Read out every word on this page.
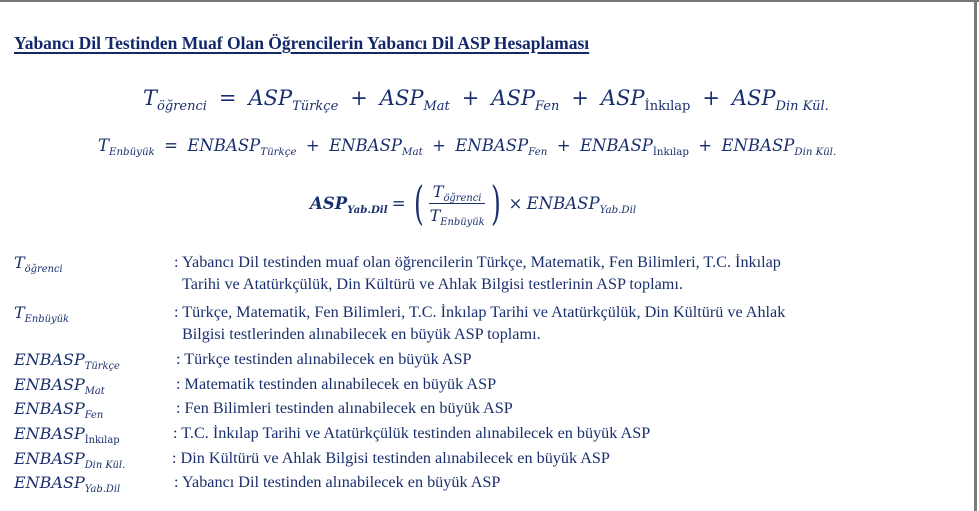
Yabancı Dil Testinden Muaf Olan Öğrencilerin Yabancı Dil ASP Hesaplaması
$T_{öğrenci} = ASP_{Türkçe} + ASP_{Mat} + ASP_{Fen} + ASP_{İnkılap} + ASP_{Din Kül.}$
$T_{Enbüyük}$ = $ENBASP_{Türkçe}$ + $ENBASP_{Mat}$ + $ENBASP_{Fen}$ + $ENBASP_{İnkılap}$ + $ENBASP_{Din Kül.}$
$ASP_{Yab.Dil}$ = ( $\frac{T_{öğrenci}}{T_{Enbüyük}}$ ) × $ENBASP_{Yab.Dil}$
$T_{öğrenci}$	: Yabancı Dil testinden muaf olan öğrencilerin Türkçe, Matematik, Fen Bilimleri, T.C. İnkılap
Tarihi ve Atatürkçülük, Din Kültürü ve Ahlak Bilgisi testlerinin ASP toplamı.
$T_{Enbüyük}$	: Türkçe, Matematik, Fen Bilimleri, T.C. İnkılap Tarihi ve Atatürkçülük, Din Kültürü ve Ahlak
Bilgisi testlerinden alınabilecek en büyük ASP toplamı.
$ENBASP_{Türkçe}$	: Türkçe testinden alınabilecek en büyük ASP
$ENBASP_{Mat}$	: Matematik testinden alınabilecek en büyük ASP
$ENBASP_{Fen}$	: Fen Bilimleri testinden alınabilecek en büyük ASP
$ENBASP_{İnkılap}$	: T.C. İnkılap Tarihi ve Atatürkçülük testinden alınabilecek en büyük ASP
$ENBASP_{Din Kül.}$	: Din Kültürü ve Ahlak Bilgisi testinden alınabilecek en büyük ASP
$ENBASP_{Yab.Dil}$	: Yabancı Dil testinden alınabilecek en büyük ASP
